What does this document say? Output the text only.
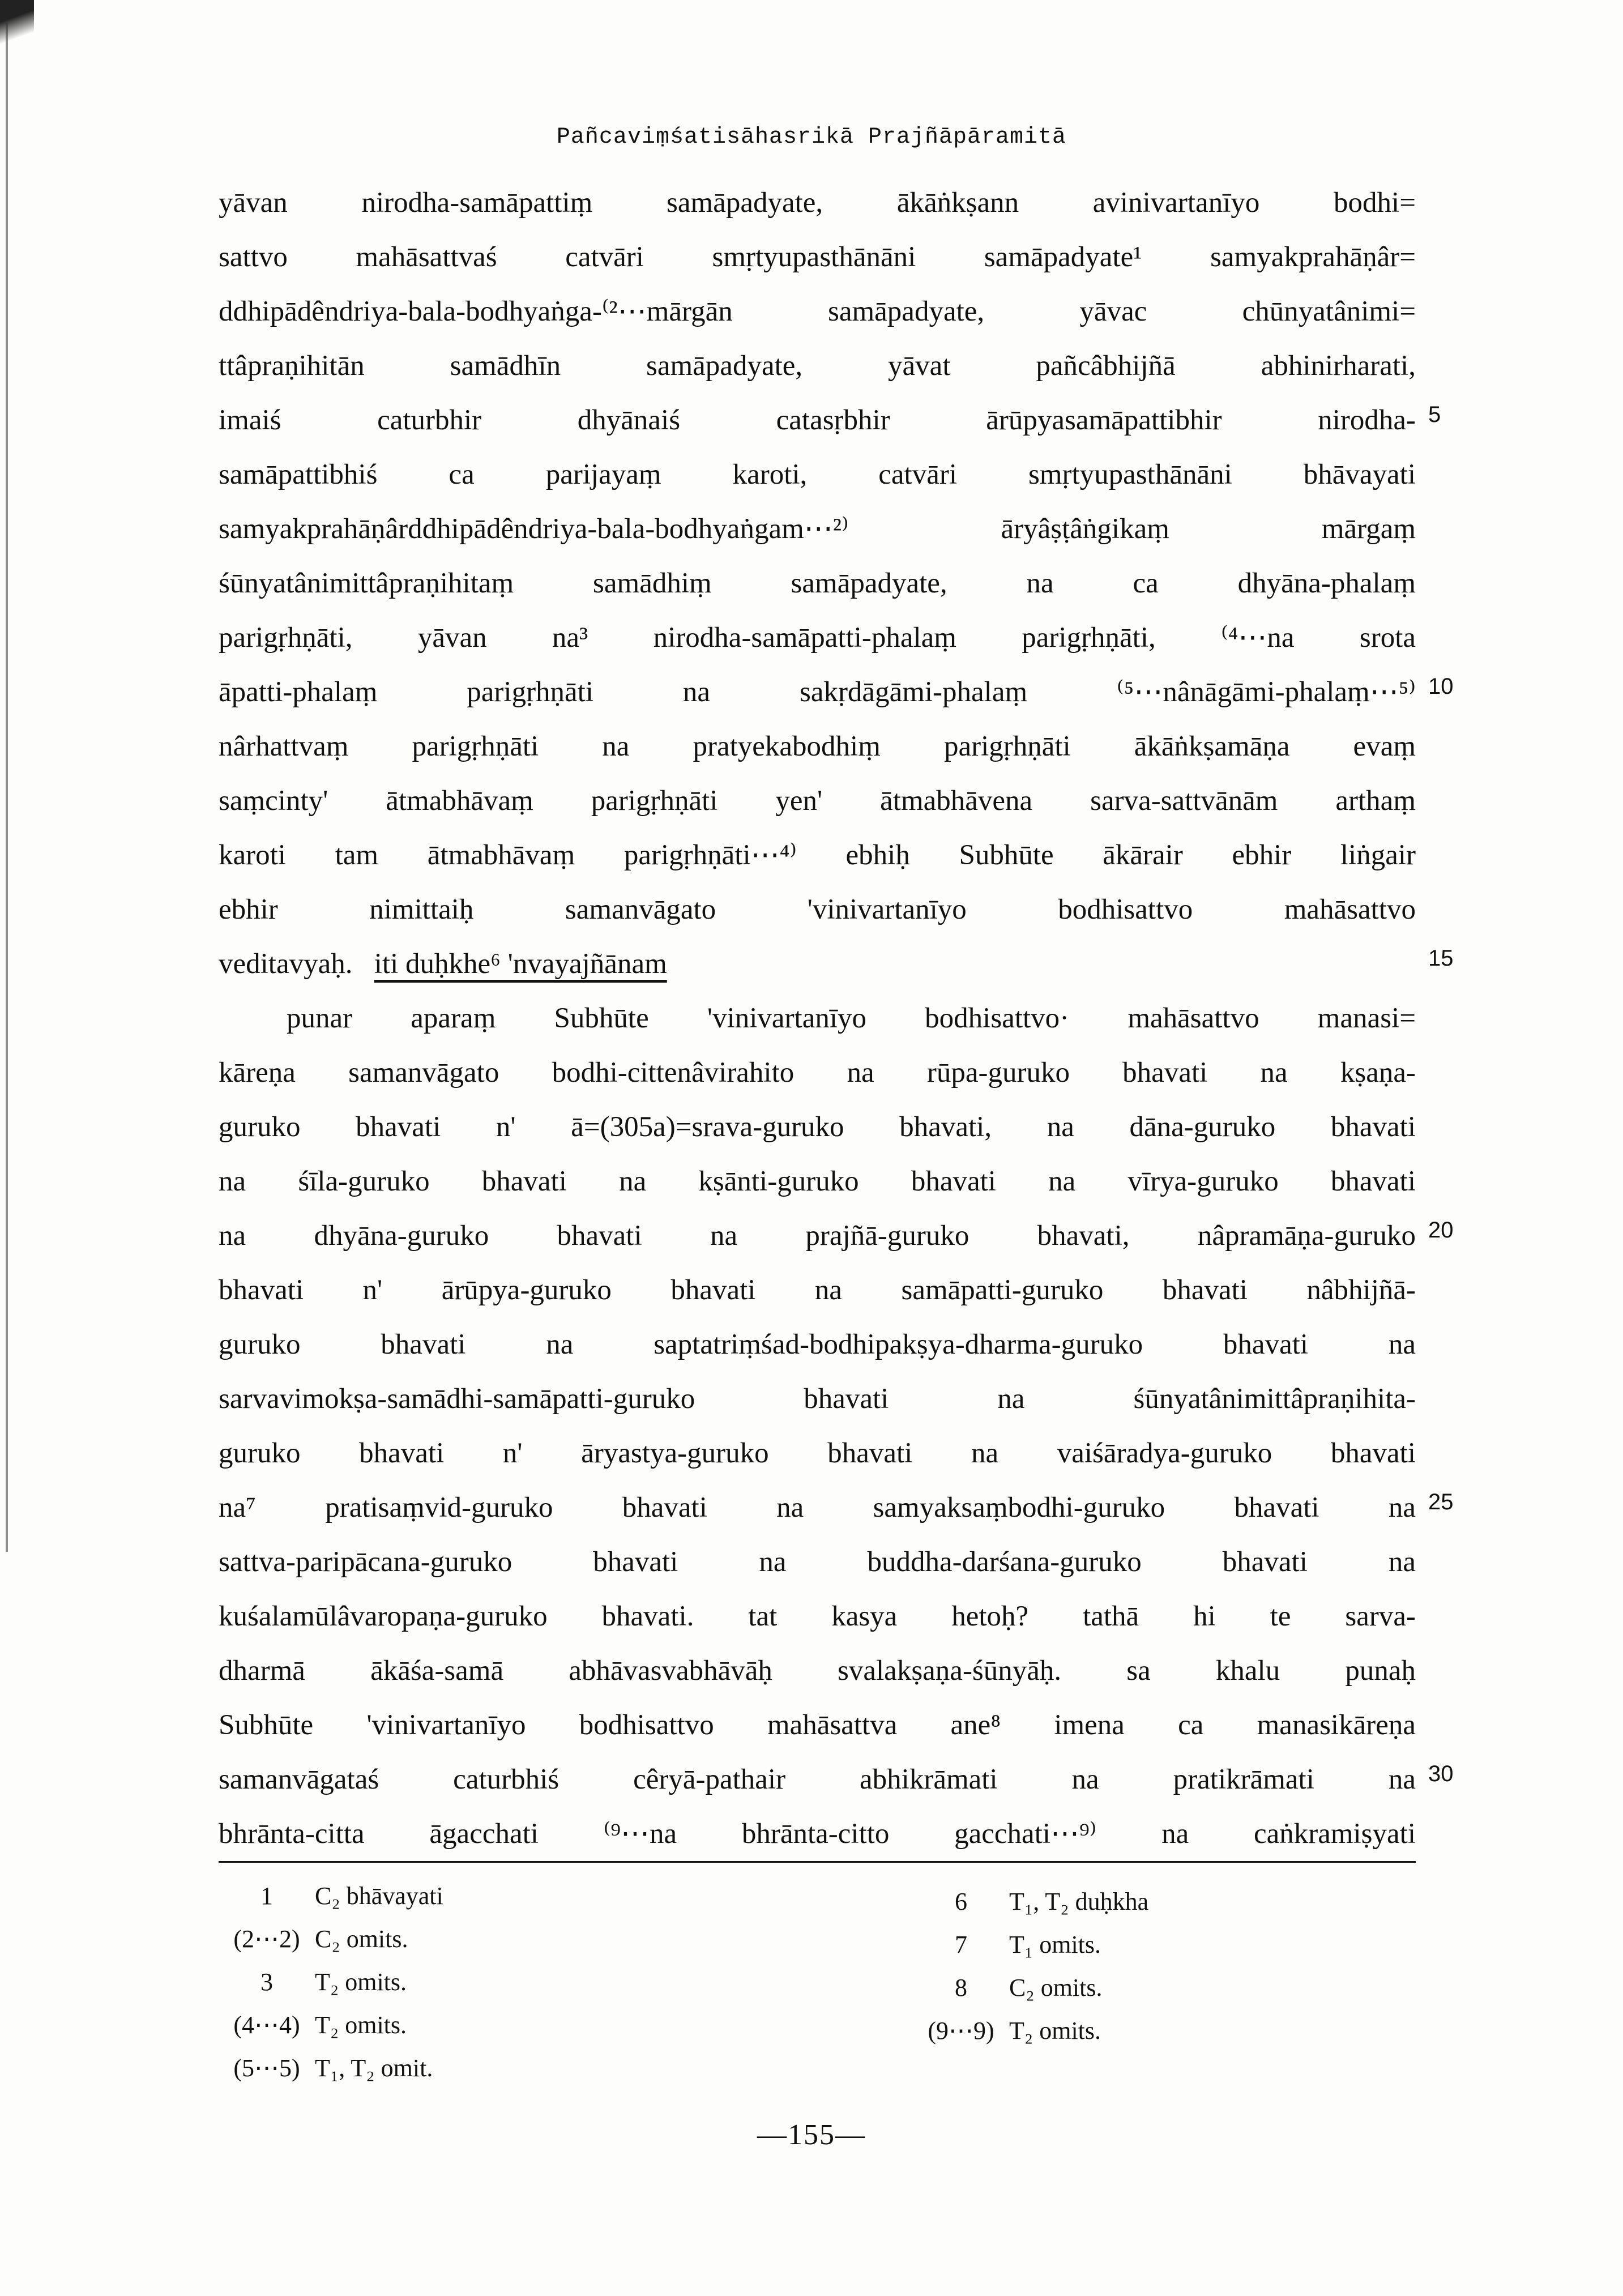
Pañcaviṃśatisāhasrikā Prajñāpāramitā
yāvan nirodha-samāpattiṃ samāpadyate, ākāṅkṣann avinivartanīyo bodhi=
sattvo mahāsattvaś catvāri smṛtyupasthānāni samāpadyate¹ samyakprahāṇâr=
ddhipādêndriya-bala-bodhyaṅga-⁽²⋯mārgān samāpadyate, yāvac chūnyatânimi=
ttâpraṇihitān samādhīn samāpadyate, yāvat pañcâbhijñā abhinirharati,
imaiś caturbhir dhyānaiś catasṛbhir ārūpyasamāpattibhir nirodha-
samāpattibhiś ca parijayaṃ karoti, catvāri smṛtyupasthānāni bhāvayati
samyakprahāṇârddhipādêndriya-bala-bodhyaṅgam⋯²⁾ āryâṣṭâṅgikaṃ mārgaṃ
śūnyatânimittâpraṇihitaṃ samādhiṃ samāpadyate, na ca dhyāna-phalaṃ
parigṛhṇāti, yāvan na³ nirodha-samāpatti-phalaṃ parigṛhṇāti, ⁽⁴⋯na srota
āpatti-phalaṃ parigṛhṇāti na sakṛdāgāmi-phalaṃ ⁽⁵⋯nânāgāmi-phalaṃ⋯⁵⁾
nârhattvaṃ parigṛhṇāti na pratyekabodhiṃ parigṛhṇāti ākāṅkṣamāṇa evaṃ
saṃcinty' ātmabhāvaṃ parigṛhṇāti yen' ātmabhāvena sarva-sattvānām arthaṃ
karoti tam ātmabhāvaṃ parigṛhṇāti⋯⁴⁾ ebhiḥ Subhūte ākārair ebhir liṅgair
ebhir nimittaiḥ samanvāgato 'vinivartanīyo bodhisattvo mahāsattvo
veditavyaḥ. iti duḥkhe⁶ 'nvayajñānam
punar aparaṃ Subhūte 'vinivartanīyo bodhisattvo· mahāsattvo manasi=
kāreṇa samanvāgato bodhi-cittenâvirahito na rūpa-guruko bhavati na kṣaṇa-
guruko bhavati n' ā=(305a)=srava-guruko bhavati, na dāna-guruko bhavati
na śīla-guruko bhavati na kṣānti-guruko bhavati na vīrya-guruko bhavati
na dhyāna-guruko bhavati na prajñā-guruko bhavati, nâpramāṇa-guruko
bhavati n' ārūpya-guruko bhavati na samāpatti-guruko bhavati nâbhijñā-
guruko bhavati na saptatriṃśad-bodhipakṣya-dharma-guruko bhavati na
sarvavimokṣa-samādhi-samāpatti-guruko bhavati na śūnyatânimittâpraṇihita-
guruko bhavati n' āryastya-guruko bhavati na vaiśāradya-guruko bhavati
na⁷ pratisaṃvid-guruko bhavati na samyaksaṃbodhi-guruko bhavati na
sattva-paripācana-guruko bhavati na buddha-darśana-guruko bhavati na
kuśalamūlâvaropaṇa-guruko bhavati. tat kasya hetoḥ? tathā hi te sarva-
dharmā ākāśa-samā abhāvasvabhāvāḥ svalakṣaṇa-śūnyāḥ. sa khalu punaḥ
Subhūte 'vinivartanīyo bodhisattvo mahāsattva ane⁸ imena ca manasikāreṇa
samanvāgataś caturbhiś cêryā-pathair abhikrāmati na pratikrāmati na
bhrānta-citta āgacchati ⁽⁹⋯na bhrānta-citto gacchati⋯⁹⁾ na caṅkramiṣyati
5
10
15
20
25
30
1 C₂ bhāvayati
(2⋯2) C₂ omits.
3 T₂ omits.
(4⋯4) T₂ omits.
(5⋯5) T₁, T₂ omit.
6 T₁, T₂ duḥkha
7 T₁ omits.
8 C₂ omits.
(9⋯9) T₂ omits.
—155—
